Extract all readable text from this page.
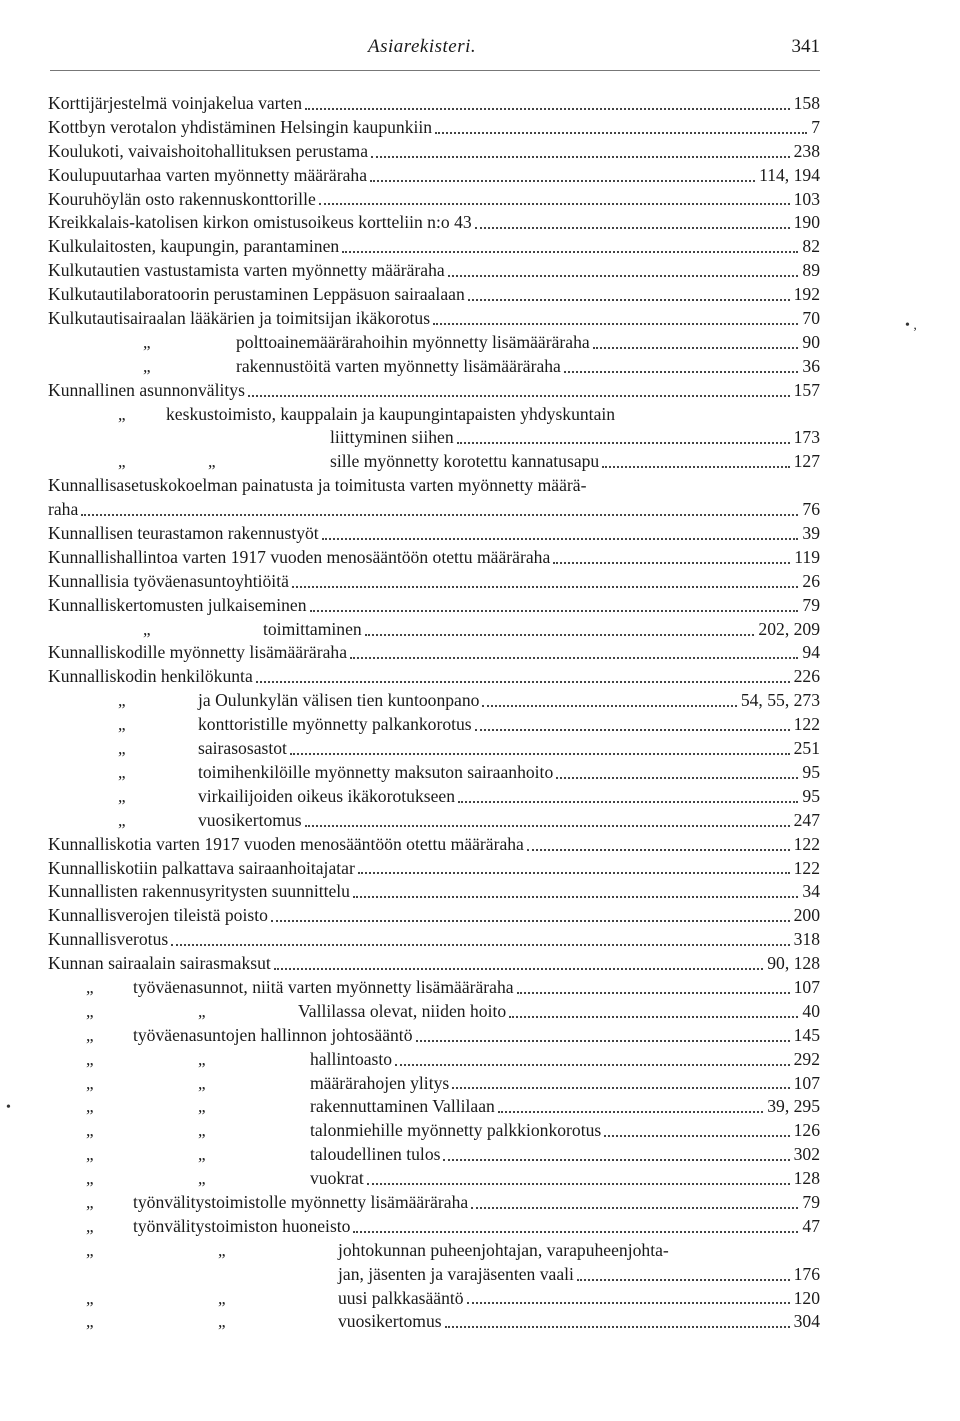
Asiarekisteri.	341
Korttijärjestelmä voinjakelua varten	158
Kottbyn verotalon yhdistäminen Helsingin kaupunkiin	7
Koulukoti, vaivaishoitohallituksen perustama	238
Koulupuutarhaa varten myönnetty määräraha	114, 194
Kouruhöylän osto rakennuskonttorille	103
Kreikkalais-katolisen kirkon omistusoikeus kortteliin n:o 43	190
Kulkulaitosten, kaupungin, parantaminen	82
Kulkutautien vastustamista varten myönnetty määräraha	89
Kulkutautilaboratoorin perustaminen Leppäsuon sairaalaan	192
Kulkutautisairaalan lääkärien ja toimitsijan ikäkorotus	70
„	polttoainemäärärahoihin myönnetty lisämääräraha	90
„	rakennustöitä varten myönnetty lisämääräraha	36
Kunnallinen asunnonvälitys	157
„ keskustoimisto, kauppalain ja kaupungintapaisten yhdyskuntain
liittyminen siihen	173
„	„	sille myönnetty korotettu kannatusapu	127
Kunnallisasetuskokoelman painatusta ja toimitusta varten myönnetty määrä-
raha	76
Kunnallisen teurastamon rakennustyöt	39
Kunnallishallintoa varten 1917 vuoden menosääntöön otettu määräraha	119
Kunnallisia työväenasuntoyhtiöitä	26
Kunnalliskertomusten julkaiseminen	79
„	toimittaminen	202, 209
Kunnalliskodille myönnetty lisämääräraha	94
Kunnalliskodin henkilökunta	226
„	ja Oulunkylän välisen tien kuntoonpano	54, 55, 273
„	konttoristille myönnetty palkankorotus	122
„	sairasosastot	251
„	toimihenkilöille myönnetty maksuton sairaanhoito	95
„	virkailijoiden oikeus ikäkorotukseen	95
„	vuosikertomus	247
Kunnalliskotia varten 1917 vuoden menosääntöön otettu määräraha	122
Kunnalliskotiin palkattava sairaanhoitajatar	122
Kunnallisten rakennusyritysten suunnittelu	34
Kunnallisverojen tileistä poisto	200
Kunnallisverotus	318
Kunnan sairaalain sairasmaksut	90, 128
„ työväenasunnot, niitä varten myönnetty lisämääräraha	107
„	„	Vallilassa olevat, niiden hoito	40
„ työväenasuntojen hallinnon johtosääntö	145
„	„	hallintoasto	292
„	„	määrärahojen ylitys	107
„	„	rakennuttaminen Vallilaan	39, 295
„	„	talonmiehille myönnetty palkkionkorotus	126
„	„	taloudellinen tulos	302
„	„	vuokrat	128
„ työnvälitystoimistolle myönnetty lisämääräraha	79
„ työnvälitystoimiston huoneisto	47
„	„	johtokunnan puheenjohtajan, varapuheenjohta-
jan, jäsenten ja varajäsenten vaali	176
„	„	uusi palkkasääntö	120
„	„	vuosikertomus	304
• ,
•
